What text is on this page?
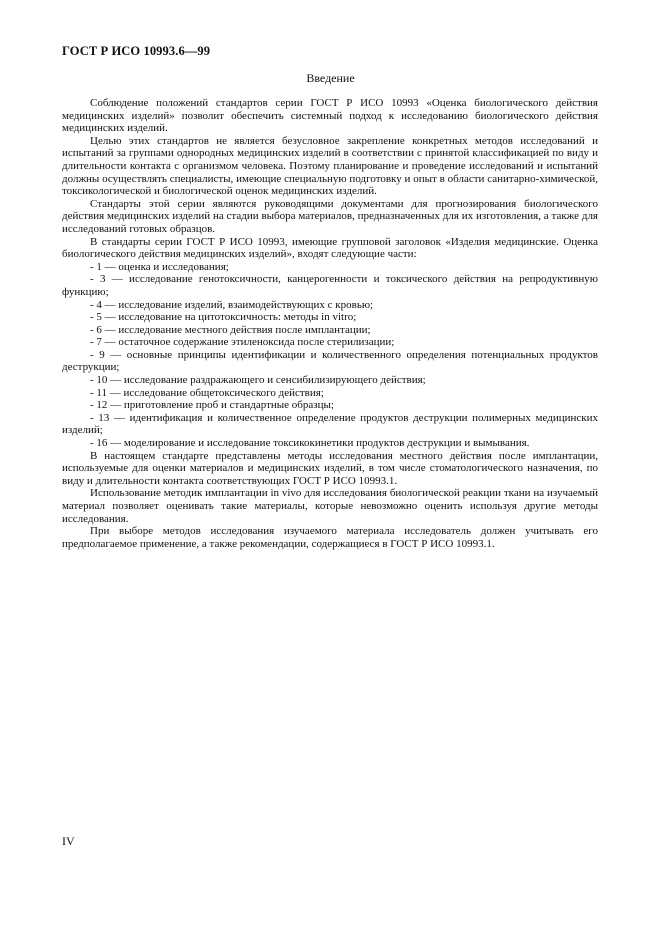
ГОСТ Р ИСО 10993.6—99
Введение

Соблюдение положений стандартов серии ГОСТ Р ИСО 10993 «Оценка биологического действия медицинских изделий» позволит обеспечить системный подход к исследованию биологического действия медицинских изделий.

Целью этих стандартов не является безусловное закрепление конкретных методов исследований и испытаний за группами однородных медицинских изделий в соответствии с принятой классификацией по виду и длительности контакта с организмом человека. Поэтому планирование и проведение исследований и испытаний должны осуществлять специалисты, имеющие специальную подготовку и опыт в области санитарно-химической, токсикологической и биологической оценок медицинских изделий.

Стандарты этой серии являются руководящими документами для прогнозирования биологического действия медицинских изделий на стадии выбора материалов, предназначенных для их изготовления, а также для исследований готовых образцов.

В стандарты серии ГОСТ Р ИСО 10993, имеющие групповой заголовок «Изделия медицинские. Оценка биологического действия медицинских изделий», входят следующие части:

- 1 — оценка и исследования;

- 3 — исследование генотоксичности, канцерогенности и токсического действия на репродуктивную функцию;

- 4 — исследование изделий, взаимодействующих с кровью;

- 5 — исследование на цитотоксичность: методы in vitro;

- 6 — исследование местного действия после имплантации;

- 7 — остаточное содержание этиленоксида после стерилизации;

- 9 — основные принципы идентификации и количественного определения потенциальных продуктов деструкции;

- 10 — исследование раздражающего и сенсибилизирующего действия;

- 11 — исследование общетоксического действия;

- 12 — приготовление проб и стандартные образцы;

- 13 — идентификация и количественное определение продуктов деструкции полимерных медицинских изделий;

- 16 — моделирование и исследование токсикокинетики продуктов деструкции и вымывания.

В настоящем стандарте представлены методы исследования местного действия после имплантации, используемые для оценки материалов и медицинских изделий, в том числе стоматологического назначения, по виду и длительности контакта соответствующих ГОСТ Р ИСО 10993.1.

Использование методик имплантации in vivo для исследования биологической реакции ткани на изучаемый материал позволяет оценивать такие материалы, которые невозможно оценить используя другие методы исследования.

При выборе методов исследования изучаемого материала исследователь должен учитывать его предполагаемое применение, а также рекомендации, содержащиеся в ГОСТ Р ИСО 10993.1.

IV
